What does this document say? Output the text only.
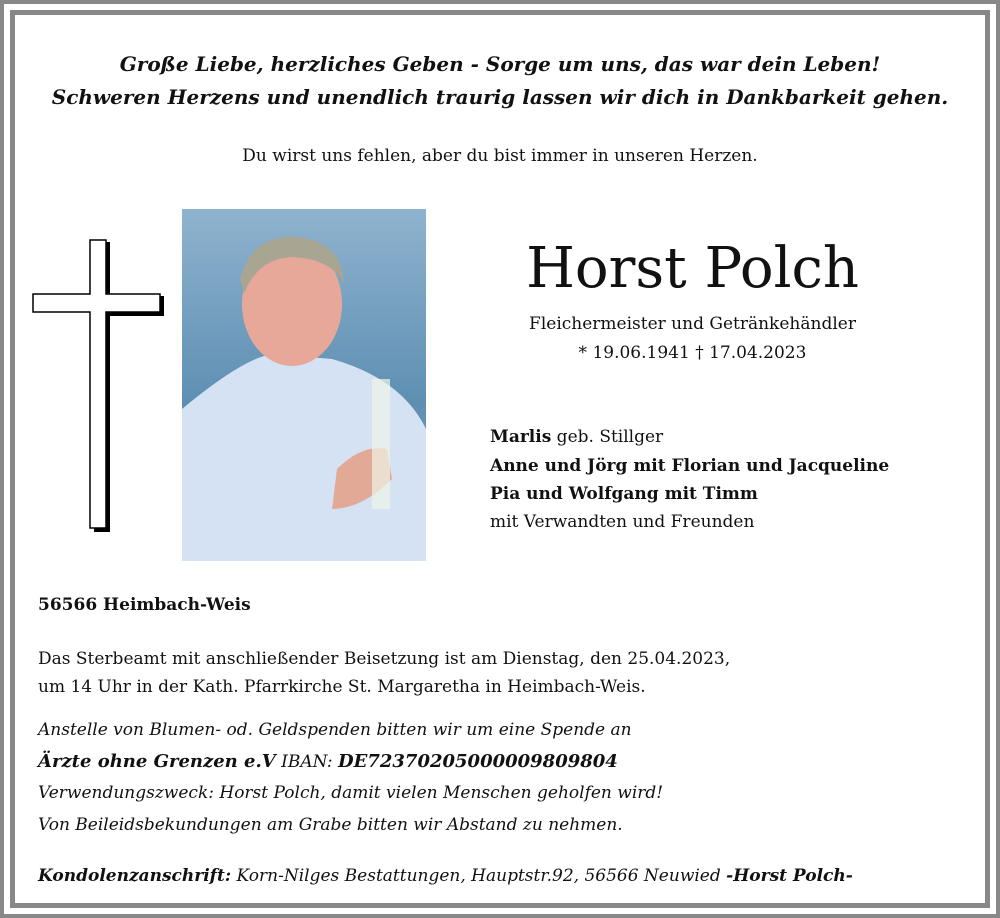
Große Liebe, herzliches Geben - Sorge um uns, das war dein Leben!
Schweren Herzens und unendlich traurig lassen wir dich in Dankbarkeit gehen.
Du wirst uns fehlen, aber du bist immer in unseren Herzen.
Horst Polch
Fleichermeister und Getränkehändler
* 19.06.1941 † 17.04.2023
Marlis geb. Stillger
Anne und Jörg mit Florian und Jacqueline
Pia und Wolfgang mit Timm
mit Verwandten und Freunden
56566 Heimbach-Weis
Das Sterbeamt mit anschließender Beisetzung ist am Dienstag, den 25.04.2023,
um 14 Uhr in der Kath. Pfarrkirche St. Margaretha in Heimbach-Weis.
Anstelle von Blumen- od. Geldspenden bitten wir um eine Spende an
Ärzte ohne Grenzen e.V IBAN: DE72370205000009809804
Verwendungszweck: Horst Polch, damit vielen Menschen geholfen wird!
Von Beileidsbekundungen am Grabe bitten wir Abstand zu nehmen.
Kondolenzanschrift: Korn-Nilges Bestattungen, Hauptstr.92, 56566 Neuwied -Horst Polch-
